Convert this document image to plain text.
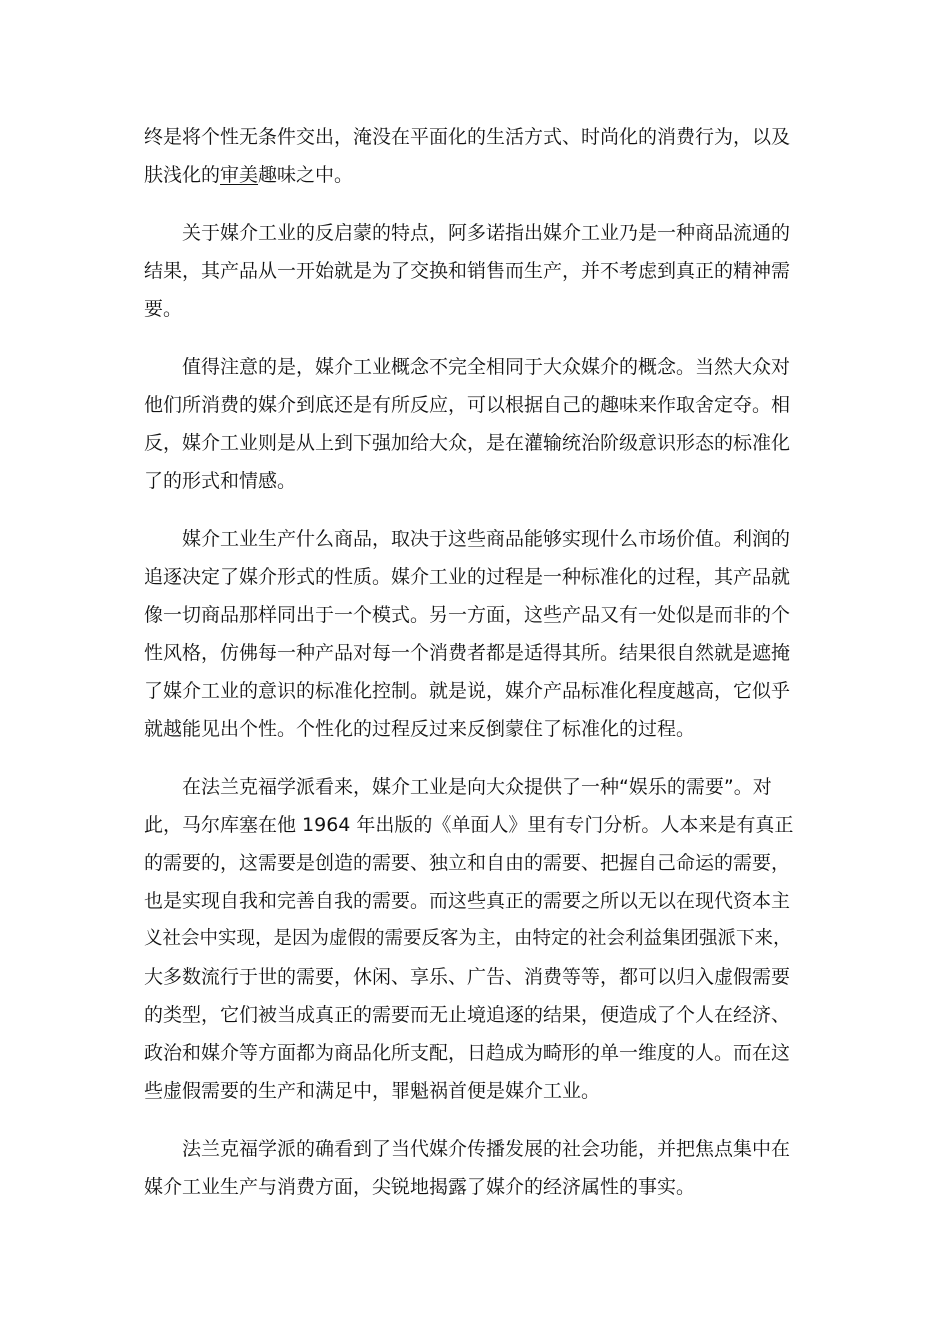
终是将个性无条件交出，淹没在平面化的生活方式、时尚化的消费行为，以及
肤浅化的审美趣味之中。
关于媒介工业的反启蒙的特点，阿多诺指出媒介工业乃是一种商品流通的
结果，其产品从一开始就是为了交换和销售而生产，并不考虑到真正的精神需
要。
值得注意的是，媒介工业概念不完全相同于大众媒介的概念。当然大众对
他们所消费的媒介到底还是有所反应，可以根据自己的趣味来作取舍定夺。相
反，媒介工业则是从上到下强加给大众，是在灌输统治阶级意识形态的标准化
了的形式和情感。
媒介工业生产什么商品，取决于这些商品能够实现什么市场价值。利润的
追逐决定了媒介形式的性质。媒介工业的过程是一种标准化的过程，其产品就
像一切商品那样同出于一个模式。另一方面，这些产品又有一处似是而非的个
性风格，仿佛每一种产品对每一个消费者都是适得其所。结果很自然就是遮掩
了媒介工业的意识的标准化控制。就是说，媒介产品标准化程度越高，它似乎
就越能见出个性。个性化的过程反过来反倒蒙住了标准化的过程。
在法兰克福学派看来，媒介工业是向大众提供了一种“娱乐的需要”。对
此，马尔库塞在他 1964 年出版的《单面人》里有专门分析。人本来是有真正
的需要的，这需要是创造的需要、独立和自由的需要、把握自己命运的需要，
也是实现自我和完善自我的需要。而这些真正的需要之所以无以在现代资本主
义社会中实现，是因为虚假的需要反客为主，由特定的社会利益集团强派下来，
大多数流行于世的需要，休闲、享乐、广告、消费等等，都可以归入虚假需要
的类型，它们被当成真正的需要而无止境追逐的结果，便造成了个人在经济、
政治和媒介等方面都为商品化所支配，日趋成为畸形的单一维度的人。而在这
些虚假需要的生产和满足中，罪魁祸首便是媒介工业。
法兰克福学派的确看到了当代媒介传播发展的社会功能，并把焦点集中在
媒介工业生产与消费方面，尖锐地揭露了媒介的经济属性的事实。
